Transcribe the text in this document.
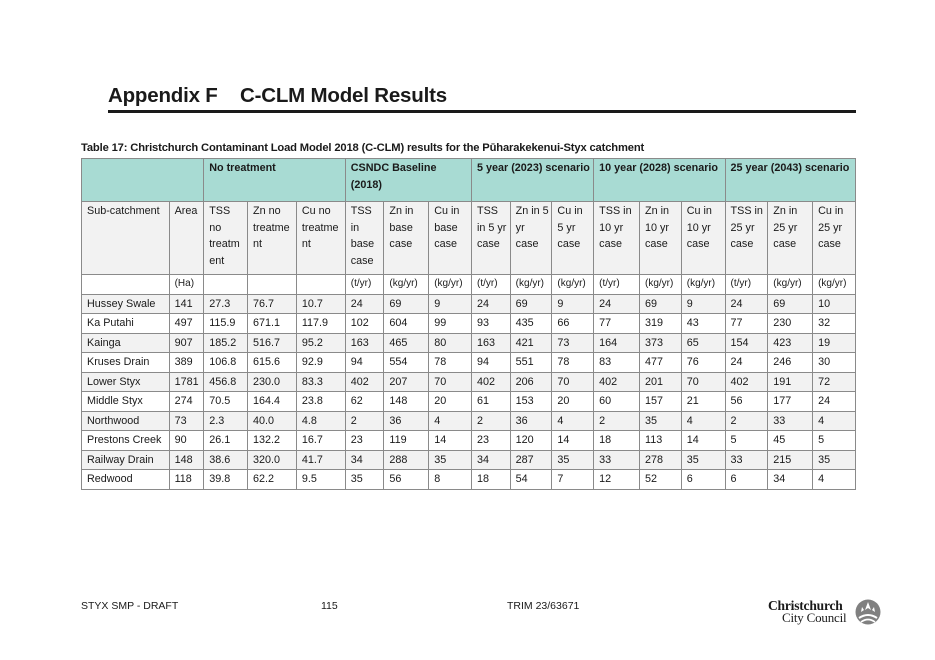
Appendix F C-CLM Model Results
Table 17: Christchurch Contaminant Load Model 2018 (C-CLM) results for the Pūharakekenui-Styx catchment
		No treatment			CSNDC Baseline (2018)			5 year (2023) scenario			10 year (2028) scenario			25 year (2043) scenario		
Sub-catchment	Area	TSS no treatment	Zn no treatment	Cu no treatment	TSS in base case	Zn in base case	Cu in base case	TSS in 5 yr case	Zn in 5 yr case	Cu in 5 yr case	TSS in 10 yr case	Zn in 10 yr case	Cu in 10 yr case	TSS in 25 yr case	Zn in 25 yr case	Cu in 25 yr case
	(Ha)				(t/yr)	(kg/yr)	(kg/yr)	(t/yr)	(kg/yr)	(kg/yr)	(t/yr)	(kg/yr)	(kg/yr)	(t/yr)	(kg/yr)	(kg/yr)
Hussey Swale	141	27.3	76.7	10.7	24	69	9	24	69	9	24	69	9	24	69	10
Ka Putahi	497	115.9	671.1	117.9	102	604	99	93	435	66	77	319	43	77	230	32
Kainga	907	185.2	516.7	95.2	163	465	80	163	421	73	164	373	65	154	423	19
Kruses Drain	389	106.8	615.6	92.9	94	554	78	94	551	78	83	477	76	24	246	30
Lower Styx	1781	456.8	230.0	83.3	402	207	70	402	206	70	402	201	70	402	191	72
Middle Styx	274	70.5	164.4	23.8	62	148	20	61	153	20	60	157	21	56	177	24
Northwood	73	2.3	40.0	4.8	2	36	4	2	36	4	2	35	4	2	33	4
Prestons Creek	90	26.1	132.2	16.7	23	119	14	23	120	14	18	113	14	5	45	5
Railway Drain	148	38.6	320.0	41.7	34	288	35	34	287	35	33	278	35	33	215	35
Redwood	118	39.8	62.2	9.5	35	56	8	18	54	7	12	52	6	6	34	4
STYX SMP - DRAFT	115	TRIM 23/63671	Christchurch
City Council
